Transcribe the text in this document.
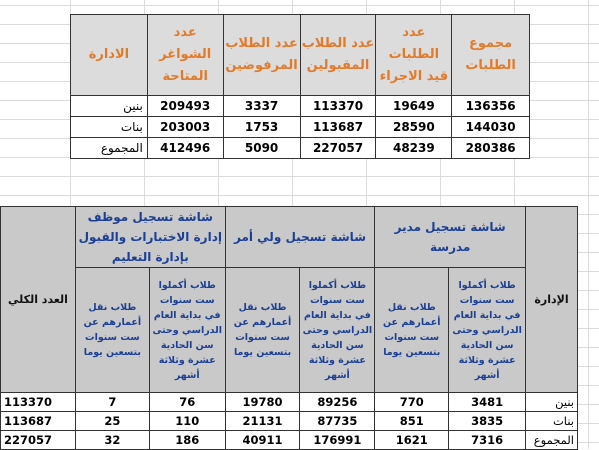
مجموع الطلبات	عدد الطلبات قيد الاجراء	عدد الطلاب المقبولين	عدد الطلاب المرفوضين	عدد الشواغر المتاحة	الادارة
136356	19649	113370	3337	209493	بنين
144030	28590	113687	1753	203003	بنات
280386	48239	227057	5090	412496	المجموع
الإدارة	شاشة تسجيل مدير مدرسة		شاشة تسجيل ولي أمر		شاشة تسجيل موظف إدارة الاختبارات والقبول بإدارة التعليم		العدد الكلي
	طلاب أكملوا ست سنوات في بداية العام الدراسي وحتى سن الحادية عشرة وثلاثة أشهر	طلاب نقل أعمارهم عن ست سنوات بتسعين يوما	طلاب أكملوا ست سنوات في بداية العام الدراسي وحتى سن الحادية عشرة وثلاثة أشهر	طلاب نقل أعمارهم عن ست سنوات بتسعين يوما	طلاب أكملوا ست سنوات في بداية العام الدراسي وحتى سن الحادية عشرة وثلاثة أشهر	طلاب نقل أعمارهم عن ست سنوات بتسعين يوما	
بنين	3481	770	89256	19780	76	7	113370
بنات	3835	851	87735	21131	110	25	113687
المجموع	7316	1621	176991	40911	186	32	227057
